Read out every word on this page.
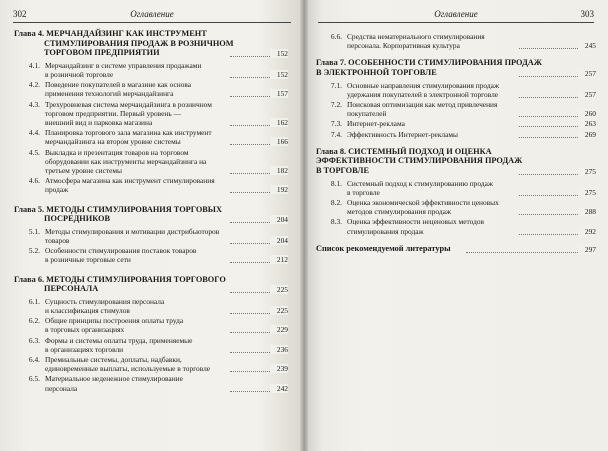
302	Оглавление
Глава 4. МЕРЧАНДАЙЗИНГ КАК ИНСТРУМЕНТ
СТИМУЛИРОВАНИЯ ПРОДАЖ В РОЗНИЧНОМ
ТОРГОВОМ ПРЕДПРИЯТИИ	152
4.1. Мерчандайзинг в системе управления продажами
в розничной торговле	152
4.2. Поведение покупателей в магазине как основа
применения технологий мерчандайзинга	157
4.3. Трехуровневая система мерчандайзинга в розничном
торговом предприятии. Первый уровень —
внешний вид и парковка магазина	162
4.4. Планировка торгового зала магазина как инструмент
мерчандайзинга на втором уровне системы	166
4.5. Выкладка и презентация товаров на торговом
оборудовании как инструменты мерчандайзинга на
третьем уровне системы	182
4.6. Атмосфера магазина как инструмент стимулирования
продаж	192
Глава 5. МЕТОДЫ СТИМУЛИРОВАНИЯ ТОРГОВЫХ
ПОСРЕДНИКОВ	204
5.1. Методы стимулирования и мотивации дистрибьюторов
товаров	204
5.2. Особенности стимулирования поставок товаров
в розничные торговые сети	212
Глава 6. МЕТОДЫ СТИМУЛИРОВАНИЯ ТОРГОВОГО
ПЕРСОНАЛА	225
6.1. Сущность стимулирования персонала
и классификация стимулов	225
6.2. Общие принципы построения оплаты труда
в торговых организациях	229
6.3. Формы и системы оплаты труда, применяемые
в организациях торговли	236
6.4. Премиальные системы, доплаты, надбавки,
единовременные выплаты, используемые в торговле	239
6.5. Материальное неденежное стимулирование
персонала	242
Оглавление	303
6.6. Средства нематериального стимулирования
персонала. Корпоративная культура	245
Глава 7. ОСОБЕННОСТИ СТИМУЛИРОВАНИЯ ПРОДАЖ
В ЭЛЕКТРОННОЙ ТОРГОВЛЕ	257
7.1. Основные направления стимулирования продаж
удержания покупателей в электронной торговле	257
7.2. Поисковая оптимизация как метод привлечения
покупателей	260
7.3. Интернет-реклама	263
7.4. Эффективность Интернет-рекламы	269
Глава 8. СИСТЕМНЫЙ ПОДХОД И ОЦЕНКА
ЭФФЕКТИВНОСТИ СТИМУЛИРОВАНИЯ ПРОДАЖ
В ТОРГОВЛЕ	275
8.1. Системный подход к стимулированию продаж
в торговле	275
8.2. Оценка экономической эффективности ценовых
методов стимулирования продаж	288
8.3. Оценка эффективности неценовых методов
стимулирования продаж	292
Список рекомендуемой литературы	297
